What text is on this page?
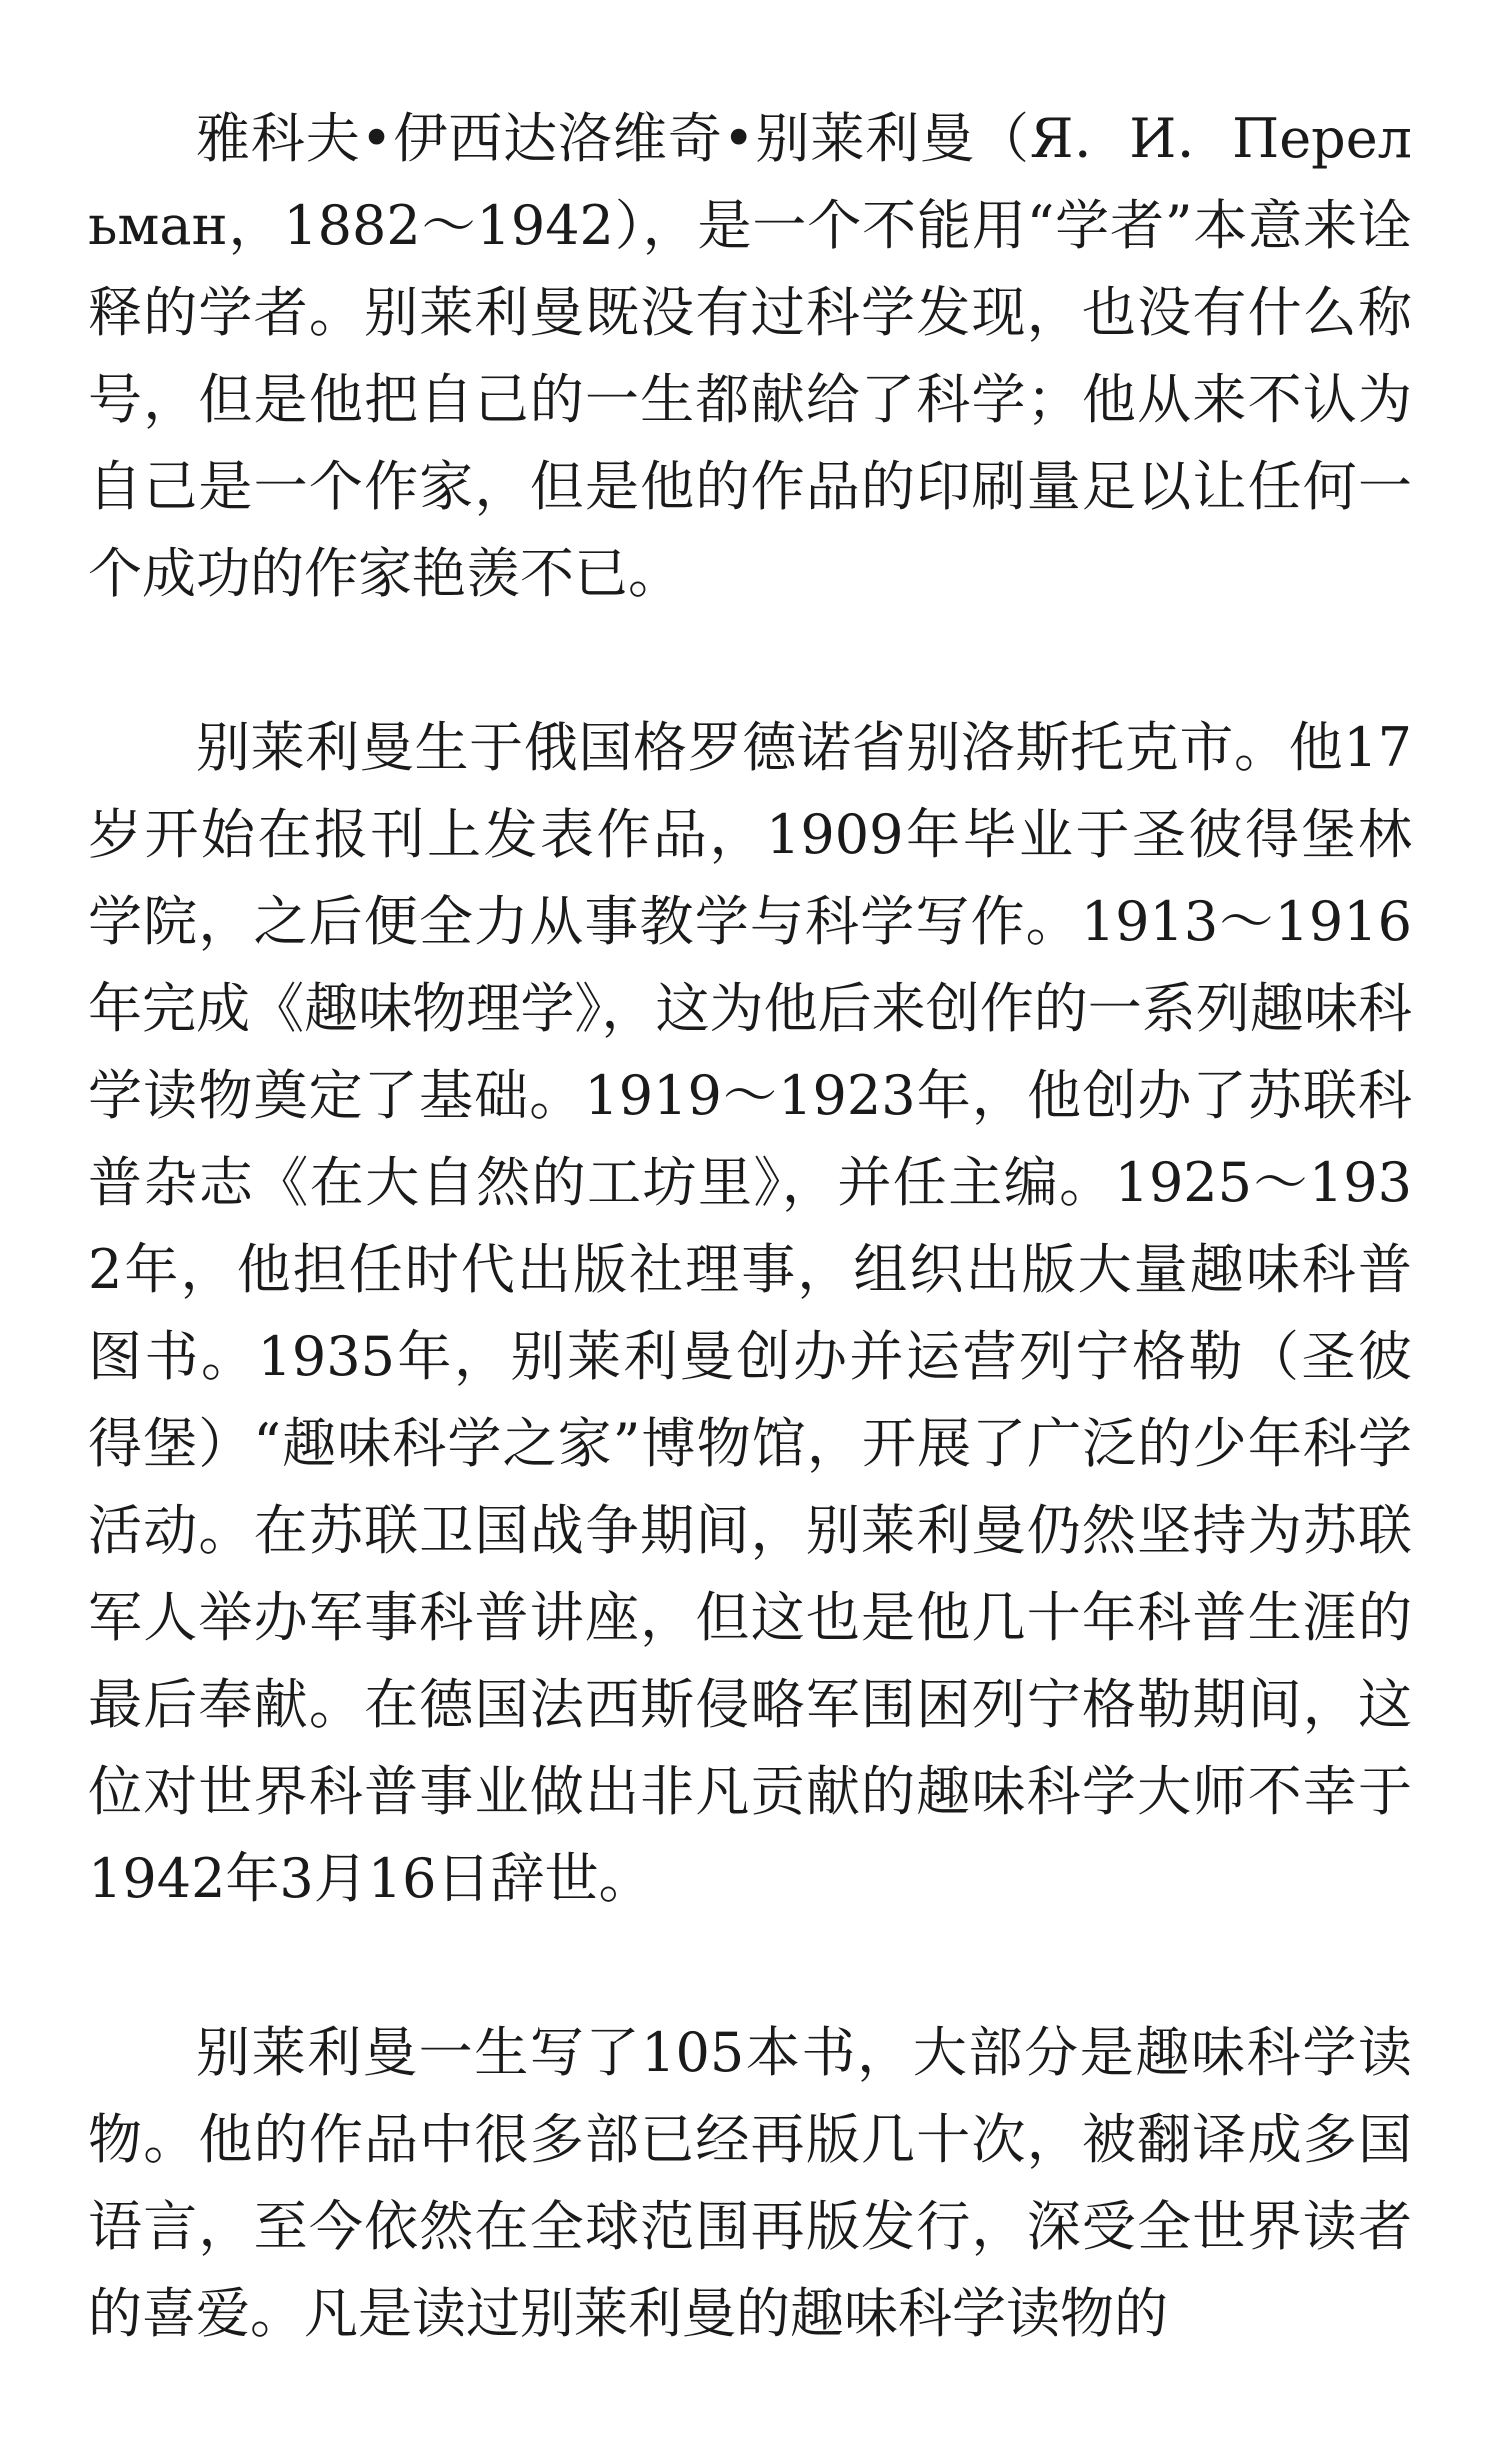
雅科夫•伊西达洛维奇•别莱利曼（Я．И．Перельман，1882～1942），是一个不能用“学者”本意来诠释的学者。别莱利曼既没有过科学发现，也没有什么称号，但是他把自己的一生都献给了科学；他从来不认为自己是一个作家，但是他的作品的印刷量足以让任何一个成功的作家艳羡不已。

别莱利曼生于俄国格罗德诺省别洛斯托克市。他17岁开始在报刊上发表作品，1909年毕业于圣彼得堡林学院，之后便全力从事教学与科学写作。1913～1916年完成《趣味物理学》，这为他后来创作的一系列趣味科学读物奠定了基础。1919～1923年，他创办了苏联科普杂志《在大自然的工坊里》，并任主编。1925～1932年，他担任时代出版社理事，组织出版大量趣味科普图书。1935年，别莱利曼创办并运营列宁格勒（圣彼得堡）“趣味科学之家”博物馆，开展了广泛的少年科学活动。在苏联卫国战争期间，别莱利曼仍然坚持为苏联军人举办军事科普讲座，但这也是他几十年科普生涯的最后奉献。在德国法西斯侵略军围困列宁格勒期间，这位对世界科普事业做出非凡贡献的趣味科学大师不幸于1942年3月16日辞世。

别莱利曼一生写了105本书，大部分是趣味科学读物。他的作品中很多部已经再版几十次，被翻译成多国语言，至今依然在全球范围再版发行，深受全世界读者的喜爱。凡是读过别莱利曼的趣味科学读物的
